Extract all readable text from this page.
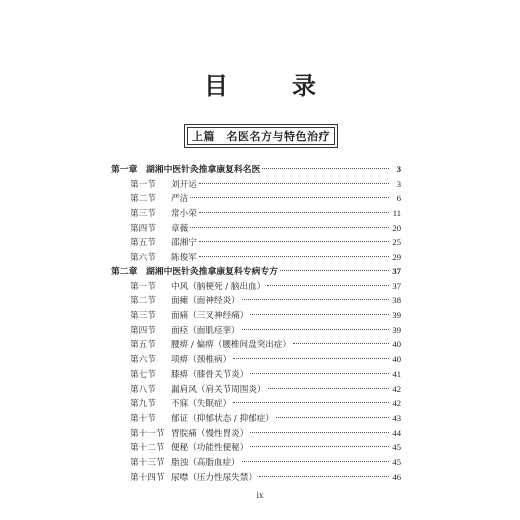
目　录
上篇　名医名方与特色治疗
第一章 湖湘中医针灸推拿康复科名医	3
第一节	刘开运	3
第二节	严洁	6
第三节	常小荣	11
第四节	章薇	20
第五节	邵湘宁	25
第六节	陈俊军	29
第二章 湖湘中医针灸推拿康复科专病专方	37
第一节	中风（脑梗死 / 脑出血）	37
第二节	面瘫（面神经炎）	38
第三节	面痛（三叉神经痛）	39
第四节	面痉（面肌痉挛）	39
第五节	腰痹 / 偏痹（腰椎间盘突出症）	40
第六节	项痹（颈椎病）	40
第七节	膝痹（膝骨关节炎）	41
第八节	漏肩风（肩关节周围炎）	42
第九节	不寐（失眠症）	42
第十节	郁证（抑郁状态 / 抑郁症）	43
第十一节 胃脘痛（慢性胃炎）	44
第十二节 便秘（功能性便秘）	45
第十三节 脂浊（高脂血症）	45
第十四节 尿噤（压力性尿失禁）	46
ix
